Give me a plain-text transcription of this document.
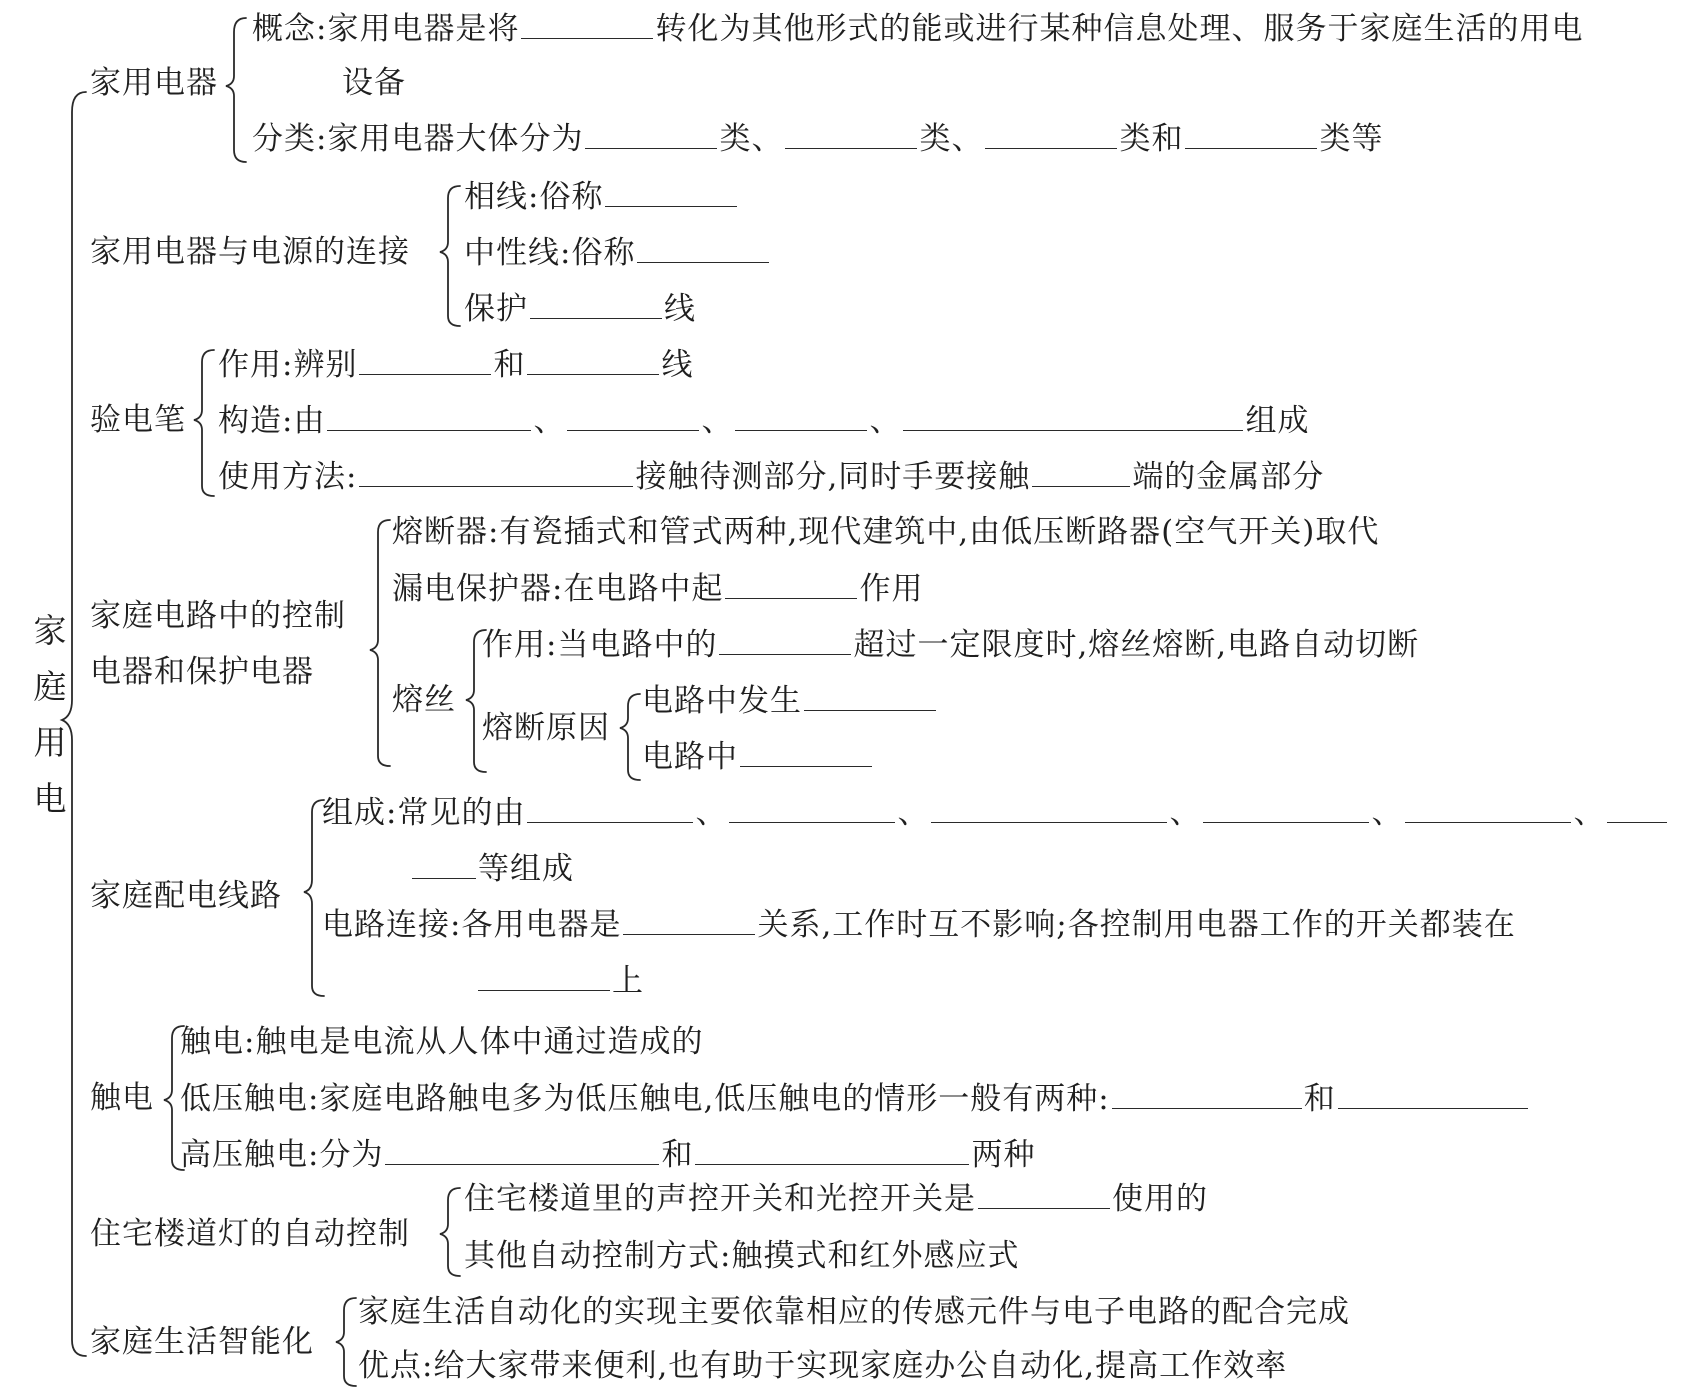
家
庭
用
电
家用电器
概念:家用电器是将	转化为其他形式的能或进行某种信息处理、服务于家庭生活的用电
设备
分类:家用电器大体分为	类、	类、	类和	类等
家用电器与电源的连接
相线:俗称
中性线:俗称
保护	线
验电笔
作用:辨别	和	线
构造:由	、	、	、	组成
使用方法:	接触待测部分,同时手要接触	端的金属部分
家庭电路中的控制
电器和保护电器
熔断器:有瓷插式和管式两种,现代建筑中,由低压断路器(空气开关)取代
漏电保护器:在电路中起	作用
熔丝
作用:当电路中的	超过一定限度时,熔丝熔断,电路自动切断
熔断原因
电路中发生
电路中
家庭配电线路
组成:常见的由	、	、	、	、	、
等组成
电路连接:各用电器是	关系,工作时互不影响;各控制用电器工作的开关都装在
上
触电
触电:触电是电流从人体中通过造成的
低压触电:家庭电路触电多为低压触电,低压触电的情形一般有两种:	和
高压触电:分为	和	两种
住宅楼道灯的自动控制
住宅楼道里的声控开关和光控开关是	使用的
其他自动控制方式:触摸式和红外感应式
家庭生活智能化
家庭生活自动化的实现主要依靠相应的传感元件与电子电路的配合完成
优点:给大家带来便利,也有助于实现家庭办公自动化,提高工作效率
